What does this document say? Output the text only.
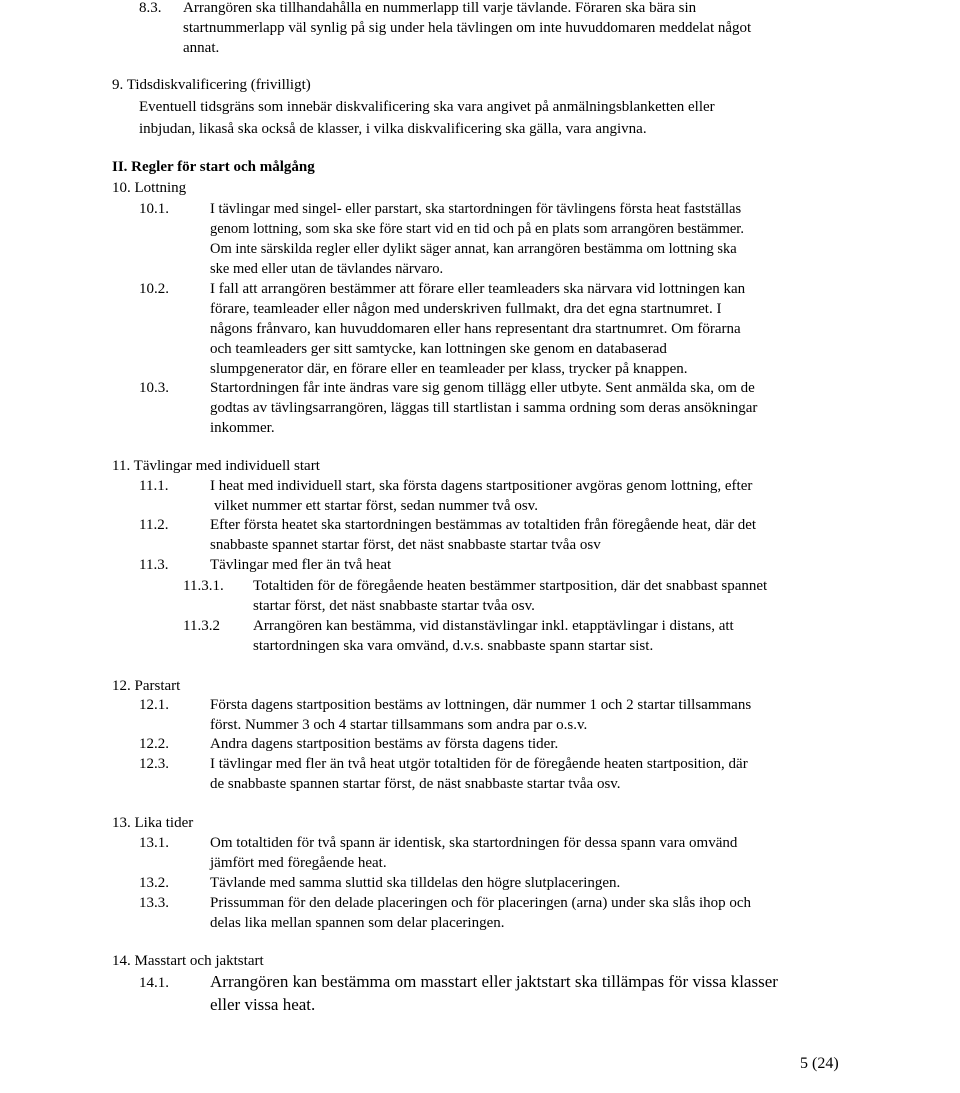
8.3. Arrangören ska tillhandahålla en nummerlapp till varje tävlande. Föraren ska bära sin
startnummerlapp väl synlig på sig under hela tävlingen om inte huvuddomaren meddelat något
annat.
9. Tidsdiskvalificering (frivilligt)
Eventuell tidsgräns som innebär diskvalificering ska vara angivet på anmälningsblanketten eller
inbjudan, likaså ska också de klasser, i vilka diskvalificering ska gälla, vara angivna.
II. Regler för start och målgång
10. Lottning
10.1.	I tävlingar med singel- eller parstart, ska startordningen för tävlingens första heat fastställas
genom lottning, som ska ske före start vid en tid och på en plats som arrangören bestämmer.
Om inte särskilda regler eller dylikt säger annat, kan arrangören bestämma om lottning ska
ske med eller utan de tävlandes närvaro.
10.2.	I fall att arrangören bestämmer att förare eller teamleaders ska närvara vid lottningen kan
förare, teamleader eller någon med underskriven fullmakt, dra det egna startnumret. I
någons frånvaro, kan huvuddomaren eller hans representant dra startnumret. Om förarna
och teamleaders ger sitt samtycke, kan lottningen ske genom en databaserad
slumpgenerator där, en förare eller en teamleader per klass, trycker på knappen.
10.3.	Startordningen får inte ändras vare sig genom tillägg eller utbyte. Sent anmälda ska, om de
godtas av tävlingsarrangören, läggas till startlistan i samma ordning som deras ansökningar
inkommer.
11. Tävlingar med individuell start
11.1.	I heat med individuell start, ska första dagens startpositioner avgöras genom lottning, efter
vilket nummer ett startar först, sedan nummer två osv.
11.2.	Efter första heatet ska startordningen bestämmas av totaltiden från föregående heat, där det
snabbaste spannet startar först, det näst snabbaste startar tvåa osv
11.3.	Tävlingar med fler än två heat
11.3.1. Totaltiden för de föregående heaten bestämmer startposition, där det snabbast spannet
startar först, det näst snabbaste startar tvåa osv.
11.3.2 Arrangören kan bestämma, vid distanstävlingar inkl. etapptävlingar i distans, att
startordningen ska vara omvänd, d.v.s. snabbaste spann startar sist.
12. Parstart
12.1.	Första dagens startposition bestäms av lottningen, där nummer 1 och 2 startar tillsammans
först. Nummer 3 och 4 startar tillsammans som andra par o.s.v.
12.2.	Andra dagens startposition bestäms av första dagens tider.
12.3.	I tävlingar med fler än två heat utgör totaltiden för de föregående heaten startposition, där
de snabbaste spannen startar först, de näst snabbaste startar tvåa osv.
13. Lika tider
13.1.	Om totaltiden för två spann är identisk, ska startordningen för dessa spann vara omvänd
jämfört med föregående heat.
13.2.	Tävlande med samma sluttid ska tilldelas den högre slutplaceringen.
13.3.	Prissumman för den delade placeringen och för placeringen (arna) under ska slås ihop och
delas lika mellan spannen som delar placeringen.
14. Masstart och jaktstart
14.1. Arrangören kan bestämma om masstart eller jaktstart ska tillämpas för vissa klasser
eller vissa heat.
5 (24)
